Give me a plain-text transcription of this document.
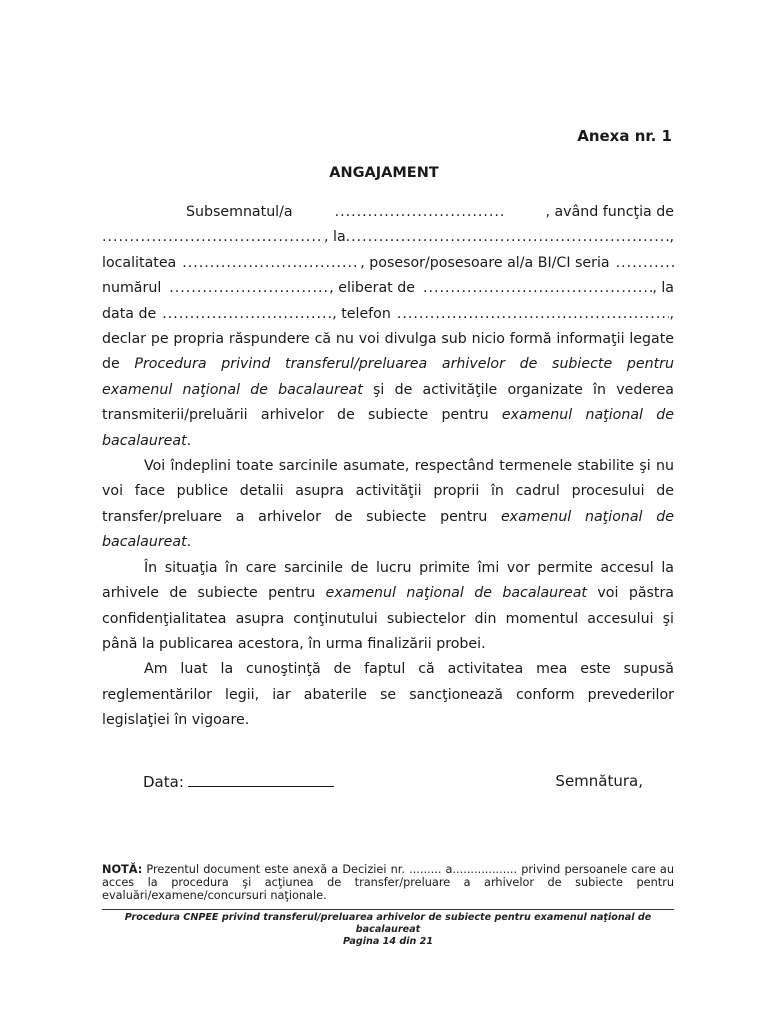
Anexa nr. 1
ANGAJAMENT
Subsemnatul/a .....	, având funcţia de
.....
, la .....	,
localitatea .....	, posesor/posesoare al/a BI/CI seria
.....
numărul .....	, eliberat de .....	, la
data de .....	, telefon .....	,

declar pe propria răspundere că nu voi divulga sub nicio formă informaţii legate de Procedura privind transferul/preluarea arhivelor de subiecte pentru examenul naţional de bacalaureat şi de activităţile organizate în vederea transmiterii/preluării arhivelor de subiecte pentru examenul naţional de bacalaureat.

Voi îndeplini toate sarcinile asumate, respectând termenele stabilite şi nu voi face publice detalii asupra activităţii proprii în cadrul procesului de transfer/preluare a arhivelor de subiecte pentru examenul naţional de bacalaureat.

În situaţia în care sarcinile de lucru primite îmi vor permite accesul la arhivele de subiecte pentru examenul naţional de bacalaureat voi păstra confidenţialitatea asupra conţinutului subiectelor din momentul accesului şi până la publicarea acestora, în urma finalizării probei.

Am luat la cunoştinţă de faptul că activitatea mea este supusă reglementărilor legii, iar abaterile se sancţionează conform prevederilor legislaţiei în vigoare.

Data:	Semnătura,
NOTĂ: Prezentul document este anexă a Deciziei nr. ......... a.................. privind persoanele care au acces la procedura şi acţiunea de transfer/preluare a arhivelor de subiecte pentru evaluări/examene/concursuri naţionale.
Procedura CNPEE privind transferul/preluarea arhivelor de subiecte pentru examenul naţional de bacalaureat
Pagina 14 din 21
